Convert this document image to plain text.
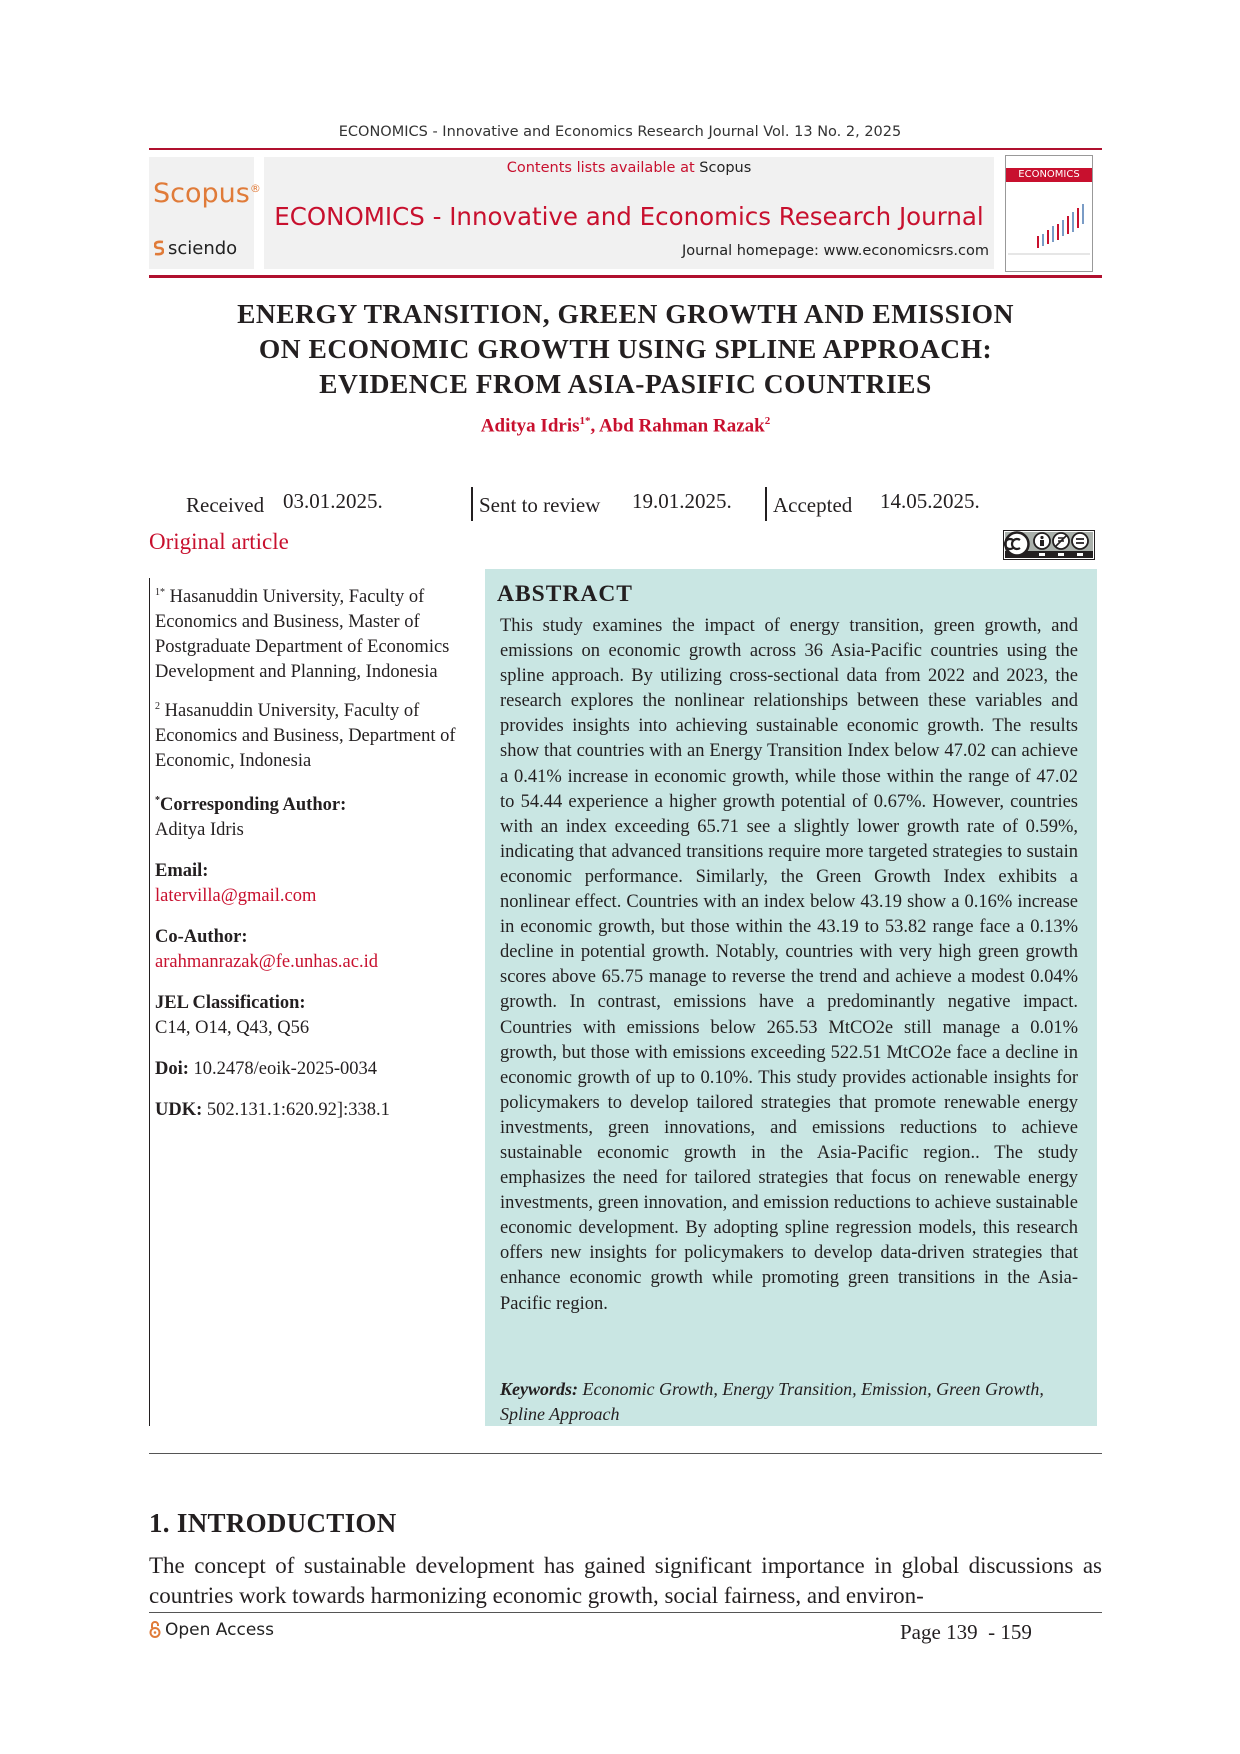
ECONOMICS - Innovative and Economics Research Journal Vol. 13 No. 2, 2025
Scopus®
sciendo
Contents lists available at Scopus
ECONOMICS - Innovative and Economics Research Journal
Journal homepage: www.economicsrs.com
ECONOMICS
ENERGY TRANSITION, GREEN GROWTH AND EMISSION
ON ECONOMIC GROWTH USING SPLINE APPROACH:
EVIDENCE FROM ASIA-PASIFIC COUNTRIES
Aditya Idris$^{1*}$, Abd Rahman Razak$^2$
Received 03.01.2025.	Sent to review 19.01.2025. Accepted 14.05.2025.
Original article

$^{1*}$ Hasanuddin University, Faculty of Economics and Business, Master of Postgraduate Department of Economics Development and Planning, Indonesia

$^2$ Hasanuddin University, Faculty of Economics and Business, Department of Economic, Indonesia

*Corresponding Author:
Aditya Idris

Email:
latervilla@gmail.com

Co-Author:
arahmanrazak@fe.unhas.ac.id

JEL Classification:
C14, O14, Q43, Q56

Doi: 10.2478/eoik-2025-0034

UDK: 502.131.1:620.92]:338.1

ABSTRACT

This study examines the impact of energy transition, green growth, and emissions on economic growth across 36 Asia-Pacific countries using the spline approach. By utilizing cross-sectional data from 2022 and 2023, the research explores the nonlinear relationships between these variables and provides insights into achieving sustainable economic growth. The results show that countries with an Energy Transition Index below 47.02 can achieve a 0.41% increase in economic growth, while those within the range of 47.02 to 54.44 experience a higher growth potential of 0.67%. However, countries with an index exceeding 65.71 see a slightly lower growth rate of 0.59%, indicating that advanced transitions require more targeted strategies to sustain economic performance. Similarly, the Green Growth Index exhibits a nonlinear effect. Countries with an index below 43.19 show a 0.16% increase in economic growth, but those within the 43.19 to 53.82 range face a 0.13% decline in potential growth. Notably, countries with very high green growth scores above 65.75 manage to reverse the trend and achieve a modest 0.04% growth. In contrast, emissions have a predominantly negative impact. Countries with emissions below 265.53 MtCO2e still manage a 0.01% growth, but those with emissions exceeding 522.51 MtCO2e face a decline in economic growth of up to 0.10%. This study provides actionable insights for policymakers to develop tailored strategies that promote renewable energy investments, green innovations, and emissions reductions to achieve sustainable economic growth in the Asia-Pacific region.. The study emphasizes the need for tailored strategies that focus on renewable energy investments, green innovation, and emission reductions to achieve sustainable economic development. By adopting spline regression models, this research offers new insights for policymakers to develop data-driven strategies that enhance economic growth while promoting green transitions in the Asia-Pacific region.

Keywords: Economic Growth, Energy Transition, Emission, Green Growth, Spline Approach

1. INTRODUCTION

The concept of sustainable development has gained significant importance in global discussions as countries work towards harmonizing economic growth, social fairness, and environ-

Open Access	Page 139  - 159
